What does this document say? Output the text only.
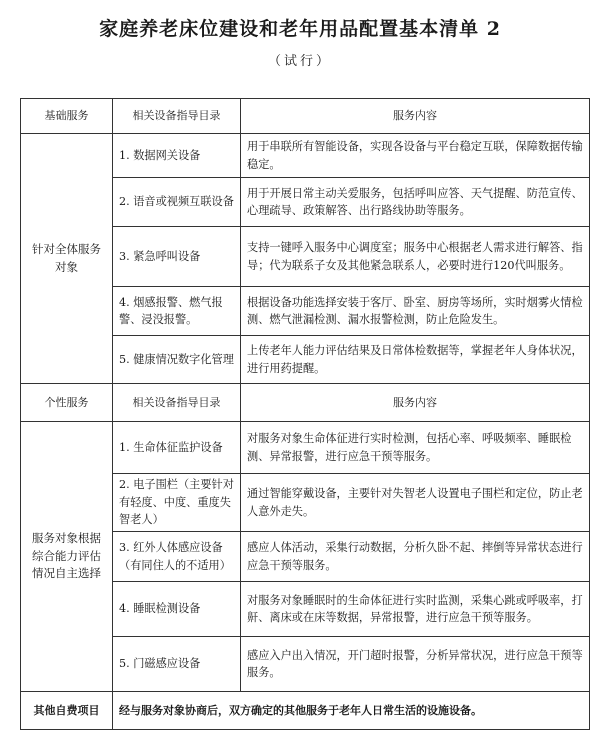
家庭养老床位建设和老年用品配置基本清单 2
（试行）
基础服务	相关设备指导目录	服务内容
针对全体服务对象	1. 数据网关设备	用于串联所有智能设备，实现各设备与平台稳定互联，保障数据传输稳定。
	2. 语音或视频互联设备	用于开展日常主动关爱服务，包括呼叫应答、天气提醒、防范宣传、心理疏导、政策解答、出行路线协助等服务。
	3. 紧急呼叫设备	支持一键呼入服务中心调度室；服务中心根据老人需求进行解答、指导；代为联系子女及其他紧急联系人，必要时进行120代叫服务。
	4. 烟感报警、燃气报警、浸没报警。	根据设备功能选择安装于客厅、卧室、厨房等场所，实时烟雾火情检测、燃气泄漏检测、漏水报警检测，防止危险发生。
	5. 健康情况数字化管理	上传老年人能力评估结果及日常体检数据等，掌握老年人身体状况，进行用药提醒。
个性服务	相关设备指导目录	服务内容
服务对象根据综合能力评估情况自主选择	1. 生命体征监护设备	对服务对象生命体征进行实时检测，包括心率、呼吸频率、睡眠检测、异常报警，进行应急干预等服务。
	2. 电子围栏（主要针对有轻度、中度、重度失智老人）	通过智能穿戴设备，主要针对失智老人设置电子围栏和定位，防止老人意外走失。
	3. 红外人体感应设备（有同住人的不适用）	感应人体活动，采集行动数据，分析久卧不起、摔倒等异常状态进行应急干预等服务。
	4. 睡眠检测设备	对服务对象睡眠时的生命体征进行实时监测，采集心跳或呼吸率，打鼾、离床或在床等数据，异常报警，进行应急干预等服务。
	5. 门磁感应设备	感应入户出入情况，开门超时报警，分析异常状况，进行应急干预等服务。
其他自费项目	经与服务对象协商后，双方确定的其他服务于老年人日常生活的设施设备。	
